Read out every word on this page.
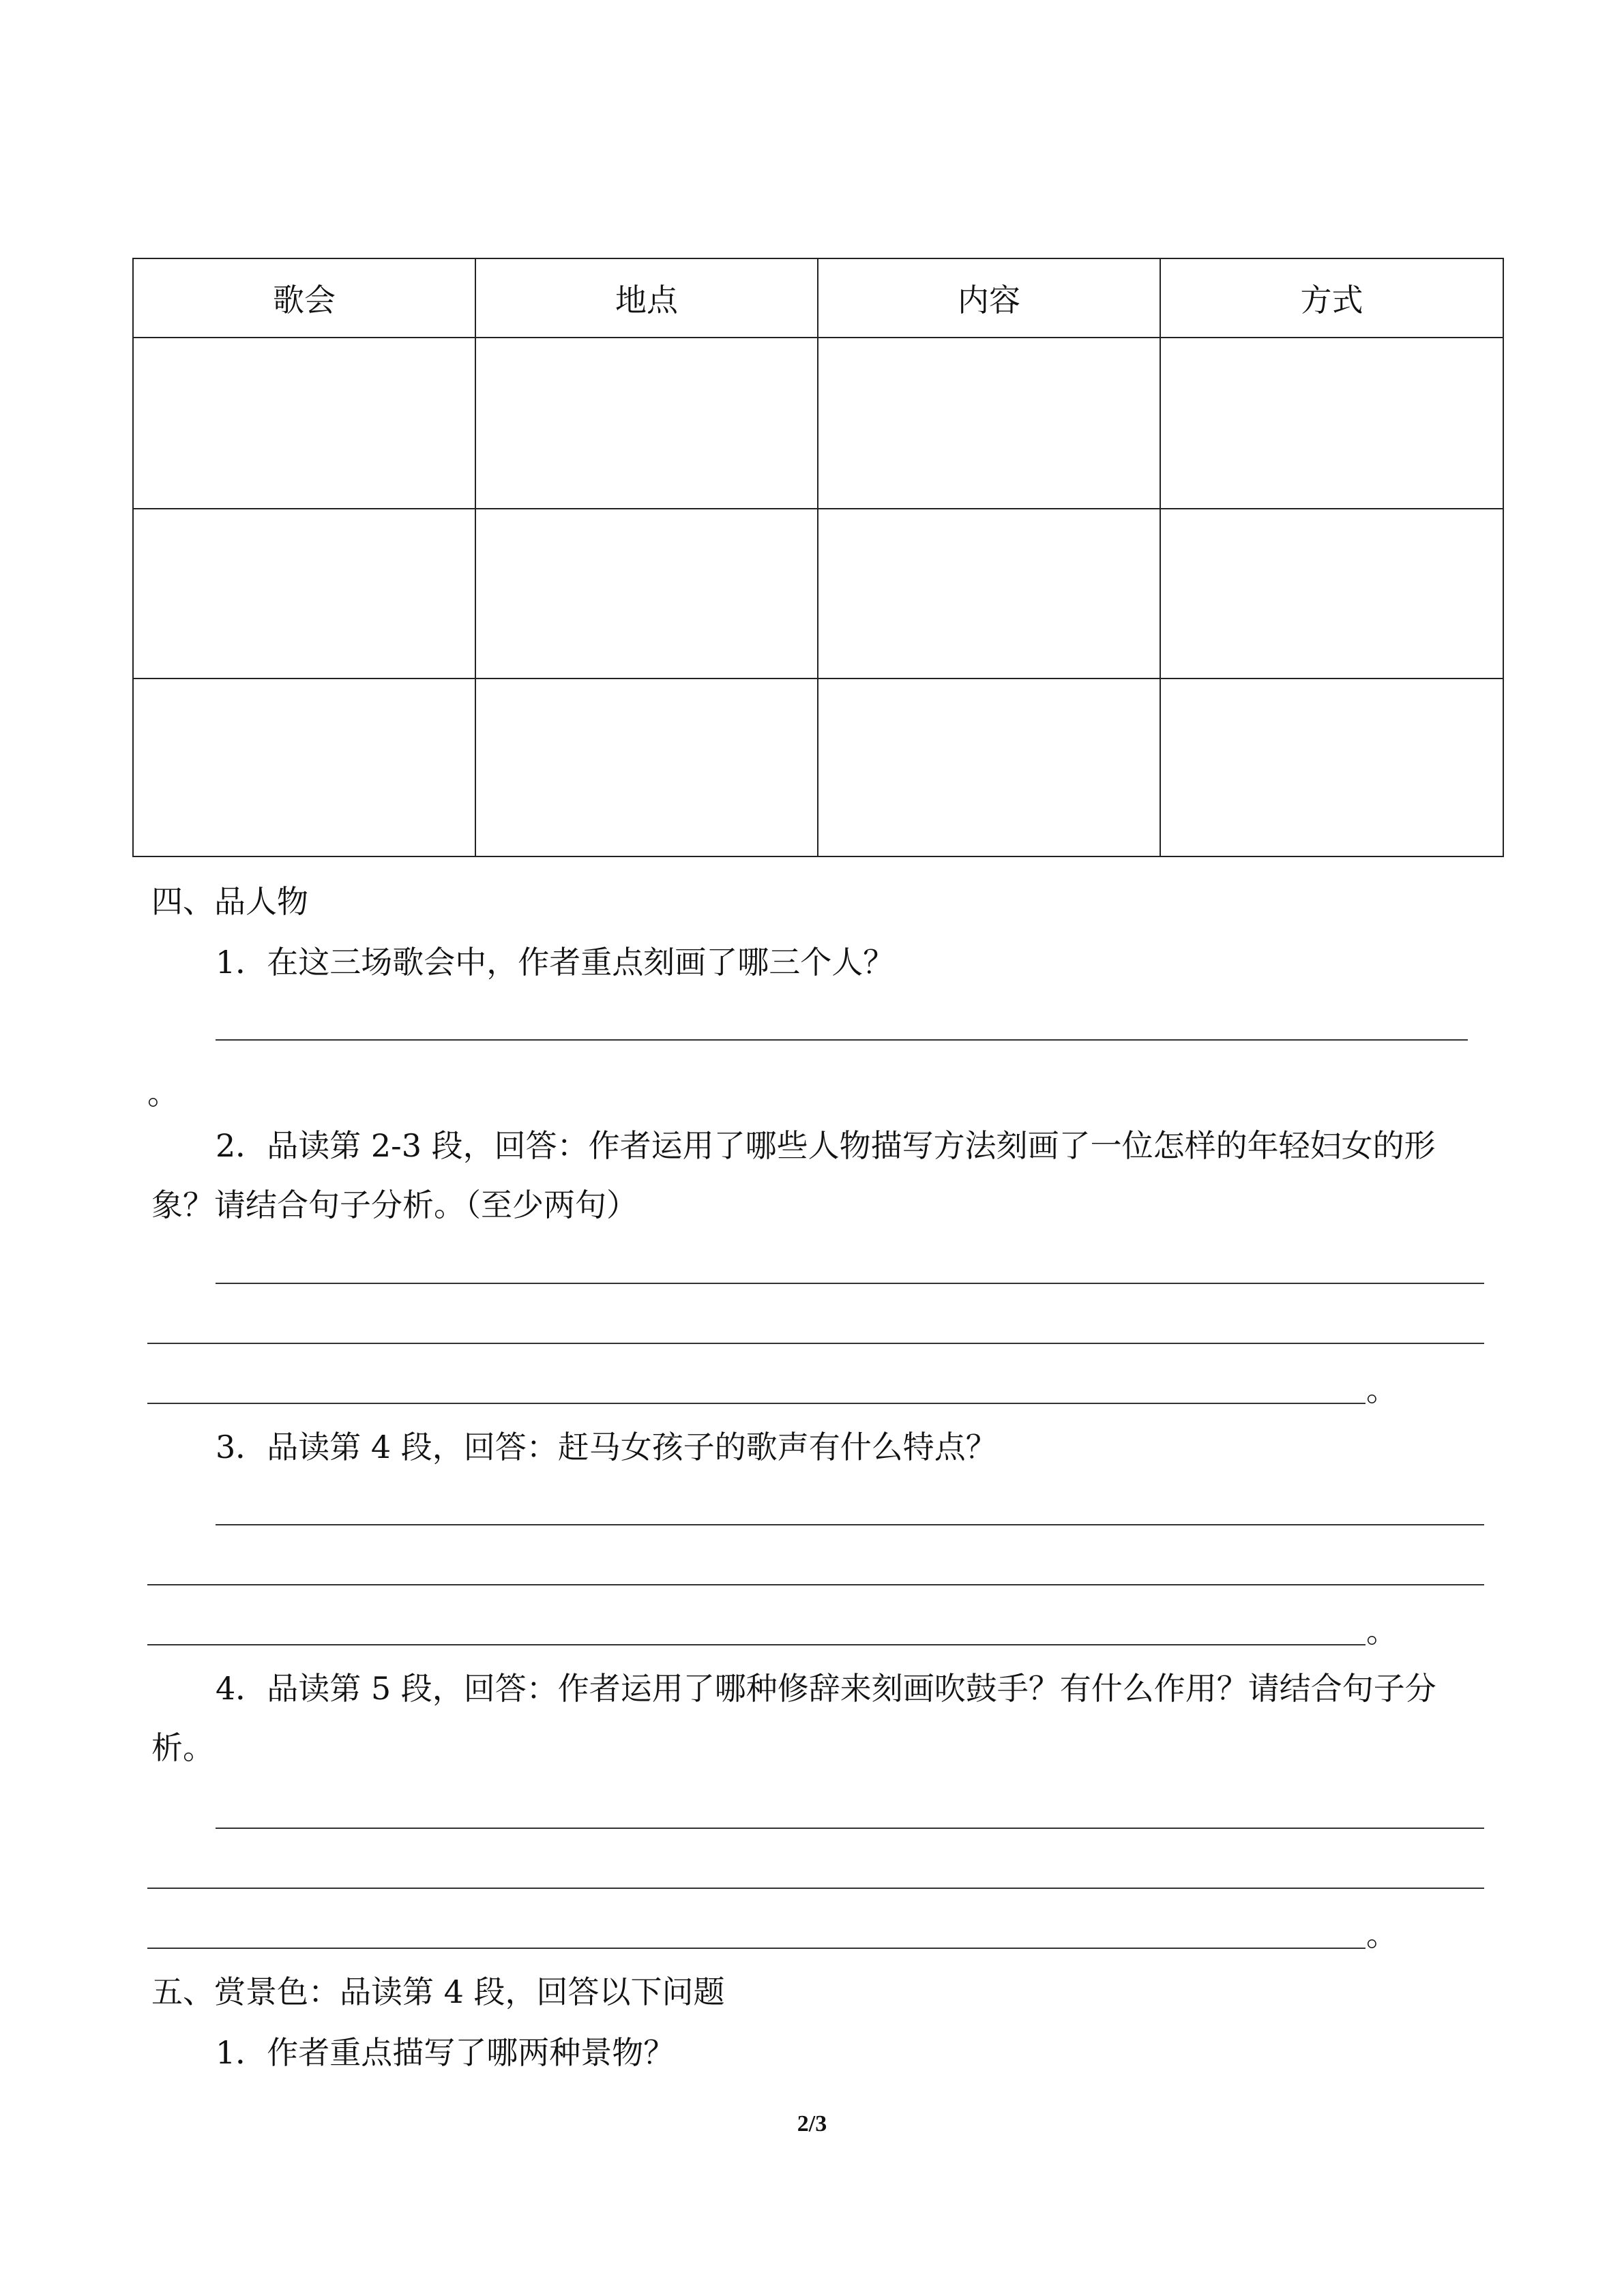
歌会	地点	内容	方式

四、品人物
1．在这三场歌会中，作者重点刻画了哪三个人？
。
2．品读第 2-3 段，回答：作者运用了哪些人物描写方法刻画了一位怎样的年轻妇女的形
象？请结合句子分析。（至少两句）
。
3．品读第 4 段，回答：赶马女孩子的歌声有什么特点？
。
4．品读第 5 段，回答：作者运用了哪种修辞来刻画吹鼓手？有什么作用？请结合句子分
析。
。
五、赏景色：品读第 4 段，回答以下问题
1．作者重点描写了哪两种景物？
2/3
